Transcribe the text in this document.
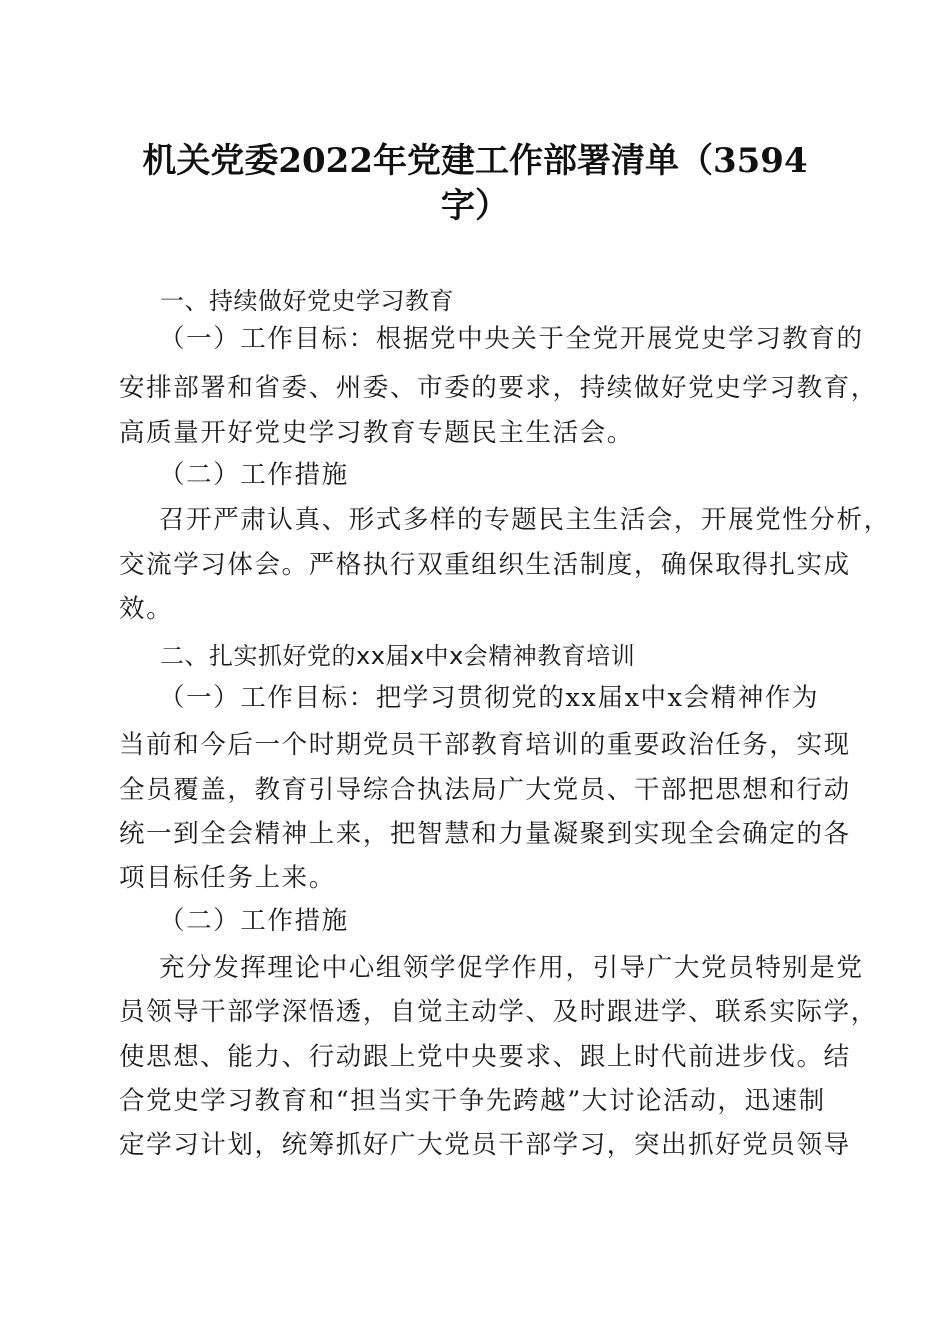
机关党委2022年党建工作部署清单（3594
字）

一、持续做好党史学习教育

（一）工作目标：根据党中央关于全党开展党史学习教育的

安排部署和省委、州委、市委的要求，持续做好党史学习教育，

高质量开好党史学习教育专题民主生活会。

（二）工作措施

召开严肃认真、形式多样的专题民主生活会，开展党性分析，

交流学习体会。严格执行双重组织生活制度，确保取得扎实成

效。

二、扎实抓好党的xx届x中x会精神教育培训

（一）工作目标：把学习贯彻党的xx届x中x会精神作为

当前和今后一个时期党员干部教育培训的重要政治任务，实现

全员覆盖，教育引导综合执法局广大党员、干部把思想和行动

统一到全会精神上来，把智慧和力量凝聚到实现全会确定的各

项目标任务上来。

（二）工作措施

充分发挥理论中心组领学促学作用，引导广大党员特别是党

员领导干部学深悟透，自觉主动学、及时跟进学、联系实际学，

使思想、能力、行动跟上党中央要求、跟上时代前进步伐。结

合党史学习教育和“担当实干争先跨越”大讨论活动，迅速制

定学习计划，统筹抓好广大党员干部学习，突出抓好党员领导
